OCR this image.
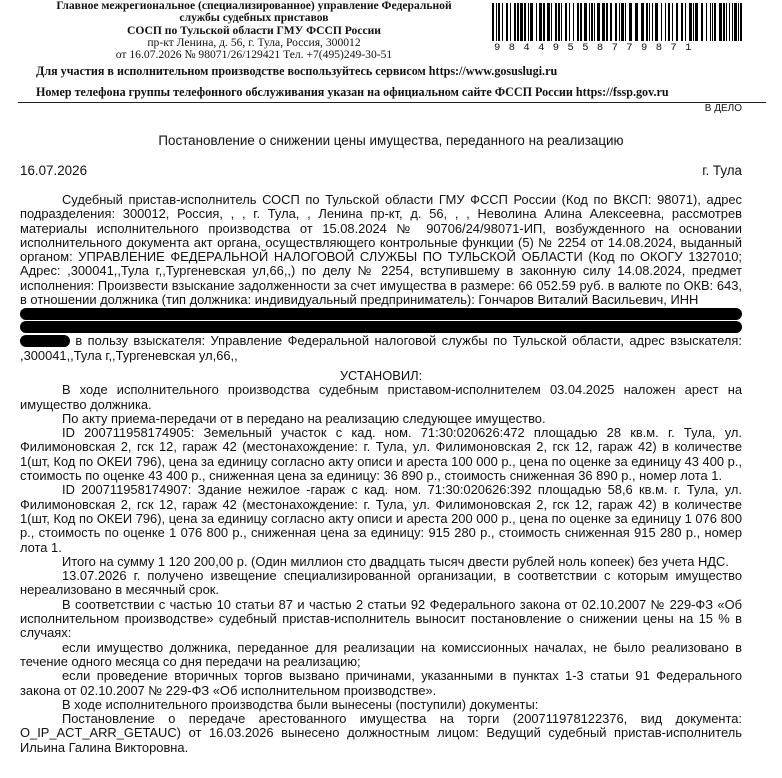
Главное межрегиональное (специализированное) управление Федеральной
службы судебных приставов
СОСП по Тульской области ГМУ ФССП России
пр-кт Ленина, д. 56, г. Тула, Россия, 300012
от 16.07.2026 № 98071/26/129421 Тел. +7(495)249-30-51
98449558779871
Для участия в исполнительном производстве воспользуйтесь сервисом https://www.gosuslugi.ru
Номер телефона группы телефонного обслуживания указан на официальном сайте ФССП России https://fssp.gov.ru
В ДЕЛО
Постановление о снижении цены имущества, переданного на реализацию
16.07.2026	г. Тула

Судебный пристав-исполнитель СОСП по Тульской области ГМУ ФССП России (Код по ВКСП: 98071), адрес подразделения: 300012, Россия, , , г. Тула, , Ленина пр-кт, д. 56, , , Неволина Алина Алексеевна, рассмотрев материалы исполнительного производства от 15.08.2024 № 90706/24/98071-ИП, возбужденного на основании исполнительного документа акт органа, осуществляющего контрольные функции (5) № 2254 от 14.08.2024, выданный органом: УПРАВЛЕНИЕ ФЕДЕРАЛЬНОЙ НАЛОГОВОЙ СЛУЖБЫ ПО ТУЛЬСКОЙ ОБЛАСТИ (Код по ОКОГУ 1327010; Адрес: ,300041,,Тула г,,Тургеневская ул,66,,) по делу № 2254, вступившему в законную силу 14.08.2024, предмет исполнения: Произвести взыскание задолженности за счет имущества в размере: 66 052.59 руб. в валюте по ОКВ: 643, в отношении должника (тип должника: индивидуальный предприниматель): Гончаров Виталий Васильевич, ИНН

в пользу взыскателя: Управление Федеральной налоговой службы по Тульской области, адрес взыскателя: ,300041,,Тула г,,Тургеневская ул,66,,

УСТАНОВИЛ:

В ходе исполнительного производства судебным приставом-исполнителем 03.04.2025 наложен арест на имущество должника.

По акту приема-передачи от в передано на реализацию следующее имущество.

ID 200711958174905: Земельный участок с кад. ном. 71:30:020626:472 площадью 28 кв.м. г. Тула, ул. Филимоновская 2, гск 12, гараж 42 (местонахождение: г. Тула, ул. Филимоновская 2, гск 12, гараж 42) в количестве 1(шт, Код по ОКЕИ 796), цена за единицу согласно акту описи и ареста 100 000 р., цена по оценке за единицу 43 400 р., стоимость по оценке 43 400 р., сниженная цена за единицу: 36 890 р., стоимость сниженная 36 890 р., номер лота 1.

ID 200711958174907: Здание нежилое -гараж с кад. ном. 71:30:020626:392 площадью 58,6 кв.м. г. Тула, ул. Филимоновская 2, гск 12, гараж 42 (местонахождение: г. Тула, ул. Филимоновская 2, гск 12, гараж 42) в количестве 1(шт, Код по ОКЕИ 796), цена за единицу согласно акту описи и ареста 200 000 р., цена по оценке за единицу 1 076 800 р., стоимость по оценке 1 076 800 р., сниженная цена за единицу: 915 280 р., стоимость сниженная 915 280 р., номер лота 1.

Итого на сумму 1 120 200,00 р. (Один миллион сто двадцать тысяч двести рублей ноль копеек) без учета НДС.

13.07.2026 г. получено извещение специализированной организации, в соответствии с которым имущество нереализовано в месячный срок.

В соответствии с частью 10 статьи 87 и частью 2 статьи 92 Федерального закона от 02.10.2007 № 229-ФЗ «Об исполнительном производстве» судебный пристав-исполнитель выносит постановление о снижении цены на 15 % в случаях:

если имущество должника, переданное для реализации на комиссионных началах, не было реализовано в течение одного месяца со дня передачи на реализацию;

если проведение вторичных торгов вызвано причинами, указанными в пунктах 1-3 статьи 91 Федерального закона от 02.10.2007 № 229-ФЗ «Об исполнительном производстве».

В ходе исполнительного производства были вынесены (поступили) документы:

Постановление о передаче арестованного имущества на торги (200711978122376, вид документа: O_IP_ACT_ARR_GETAUC) от 16.03.2026 вынесено должностным лицом: Ведущий судебный пристав-исполнитель Ильина Галина Викторовна.
